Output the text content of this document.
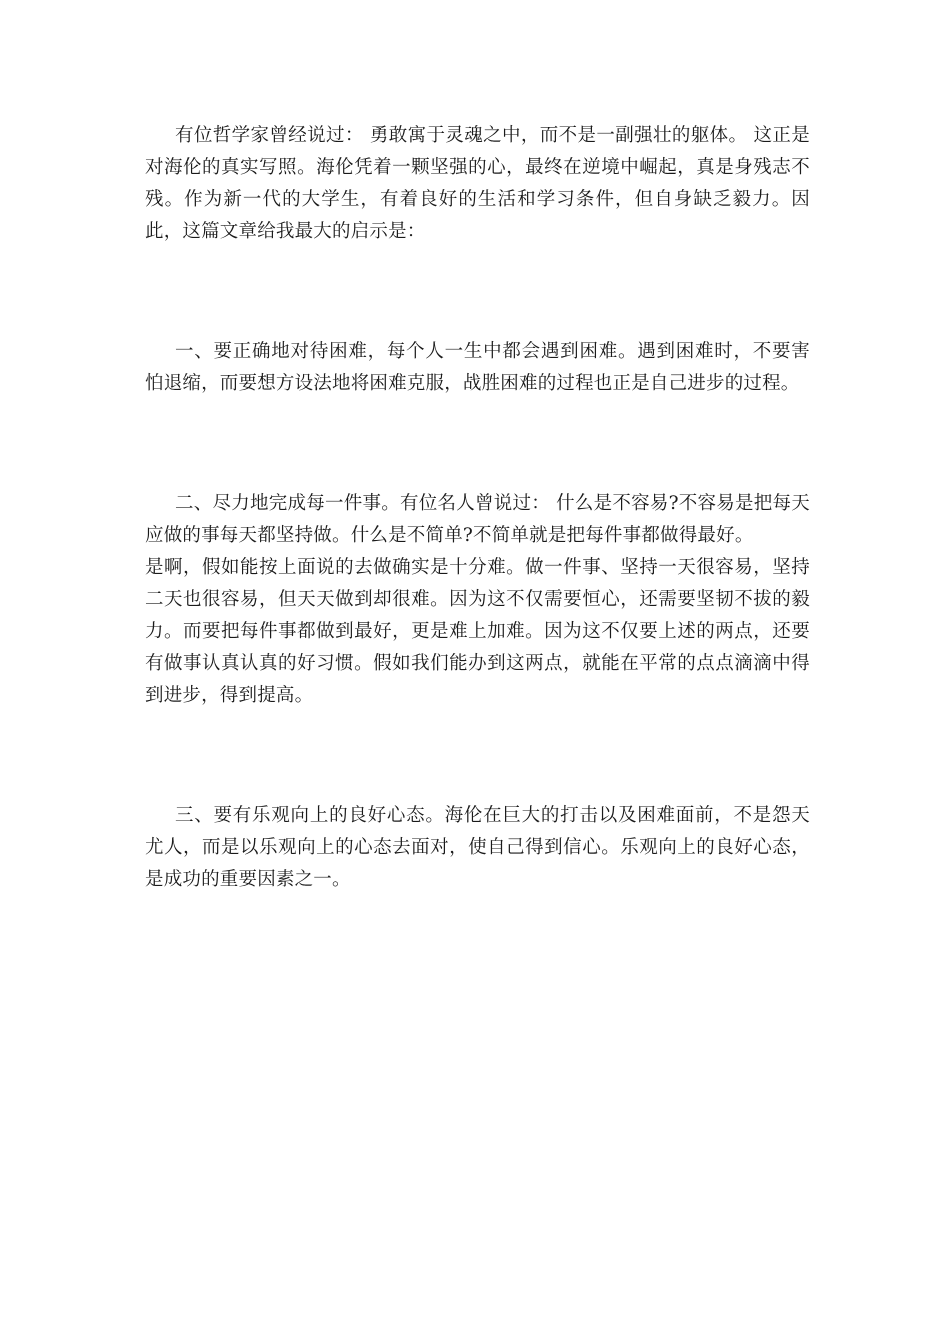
有位哲学家曾经说过： 勇敢寓于灵魂之中，而不是一副强壮的躯体。 这正是对海伦的真实写照。海伦凭着一颗坚强的心，最终在逆境中崛起，真是身残志不残。作为新一代的大学生，有着良好的生活和学习条件，但自身缺乏毅力。因此，这篇文章给我最大的启示是：

一、要正确地对待困难，每个人一生中都会遇到困难。遇到困难时，不要害怕退缩，而要想方设法地将困难克服，战胜困难的过程也正是自己进步的过程。

二、尽力地完成每一件事。有位名人曾说过： 什么是不容易?不容易是把每天应做的事每天都坚持做。什么是不简单?不简单就是把每件事都做得最好。

是啊，假如能按上面说的去做确实是十分难。做一件事、坚持一天很容易，坚持二天也很容易，但天天做到却很难。因为这不仅需要恒心，还需要坚韧不拔的毅力。而要把每件事都做到最好，更是难上加难。因为这不仅要上述的两点，还要有做事认真认真的好习惯。假如我们能办到这两点，就能在平常的点点滴滴中得到进步，得到提高。

三、要有乐观向上的良好心态。海伦在巨大的打击以及困难面前，不是怨天尤人，而是以乐观向上的心态去面对，使自己得到信心。乐观向上的良好心态，是成功的重要因素之一。
